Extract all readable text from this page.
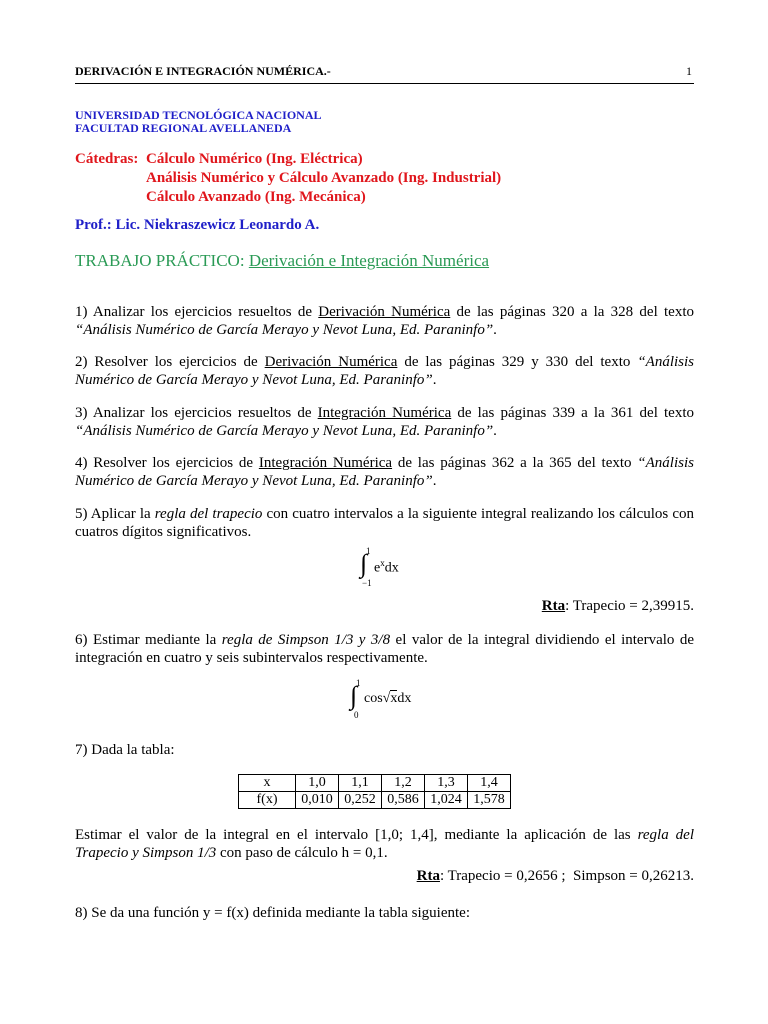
DERIVACIÓN E INTEGRACIÓN NUMÉRICA.-	1
UNIVERSIDAD TECNOLÓGICA NACIONAL
FACULTAD REGIONAL AVELLANEDA
Cátedras: Cálculo Numérico (Ing. Eléctrica)
Análisis Numérico y Cálculo Avanzado (Ing. Industrial)
Cálculo Avanzado (Ing. Mecánica)
Prof.: Lic. Niekraszewicz Leonardo A.
TRABAJO PRÁCTICO: Derivación e Integración Numérica
1) Analizar los ejercicios resueltos de Derivación Numérica de las páginas 320 a la 328 del texto “Análisis Numérico de García Merayo y Nevot Luna, Ed. Paraninfo”.
2) Resolver los ejercicios de Derivación Numérica de las páginas 329 y 330 del texto “Análisis Numérico de García Merayo y Nevot Luna, Ed. Paraninfo”.
3) Analizar los ejercicios resueltos de Integración Numérica de las páginas 339 a la 361 del texto “Análisis Numérico de García Merayo y Nevot Luna, Ed. Paraninfo”.
4) Resolver los ejercicios de Integración Numérica de las páginas 362 a la 365 del texto “Análisis Numérico de García Merayo y Nevot Luna, Ed. Paraninfo”.
5) Aplicar la regla del trapecio con cuatro intervalos a la siguiente integral realizando los cálculos con cuatros dígitos significativos.
1
∫
−1
$e^xdx$
Rta: Trapecio = 2,39915.
6) Estimar mediante la regla de Simpson 1/3 y 3/8 el valor de la integral dividiendo el intervalo de integración en cuatro y seis subintervalos respectivamente.
1
∫
0
cos√xdx
7) Dada la tabla:
x	1,0	1,1	1,2	1,3	1,4
f(x)	0,010	0,252	0,586	1,024	1,578
Estimar el valor de la integral en el intervalo [1,0; 1,4], mediante la aplicación de las regla del Trapecio y Simpson 1/3 con paso de cálculo h = 0,1.
Rta: Trapecio = 0,2656 ;  Simpson = 0,26213.
8) Se da una función y = f(x) definida mediante la tabla siguiente:
